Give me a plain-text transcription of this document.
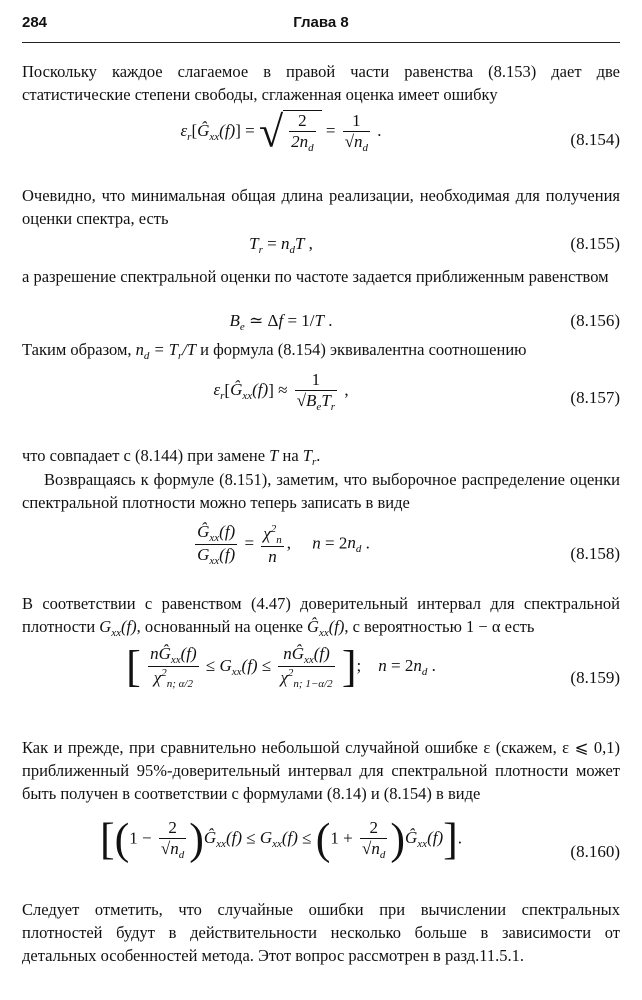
284	Глава 8
Поскольку каждое слагаемое в правой части равенства (8.153) дает две статистические степени свободы, сглаженная оценка имеет ошибку
$\varepsilon_r[Ĝ_{xx}(f)]$ = √ $\frac{2}{2n_d} = \frac{1}{√n_d}$ .	(8.154)
Очевидно, что минимальная общая длина реализации, необходимая для получения оценки спектра, есть
$T_r = n_dT$ ,	(8.155)
а разрешение спектральной оценки по частоте задается приближенным равенством
$B_e$ ≃ Δf = 1/T .	(8.156)
Таким образом, $n_d = T_r/T$ и формула (8.154) эквивалентна соотношению
$\varepsilon_r[Ĝ_{xx}(f)] \approx \frac{1}{√B_eT_r}$ ,	(8.157)
что совпадает с (8.144) при замене T на $T_r$.
Возвращаясь к формуле (8.151), заметим, что выборочное распределение оценки спектральной плотности можно теперь записать в виде
$\frac{Ĝ_{xx}(f)}{G_{xx}(f)} = \frac{\chi^2_n}{n}$ ,     $n = 2n_d$ .
(8.158)
В соответствии с равенством (4.47) доверительный интервал для спектральной плотности $G_{xx}(f)$, основанный на оценке $Ĝ_{xx}(f)$, с вероятностью 1 − α есть
[ $\frac{nĜ_{xx}(f)}{\chi^2_{n; \alpha/2}} \le G_{xx}(f) \le \frac{nĜ_{xx}(f)}{\chi^2_{n; 1-\alpha/2}}$ ];    $n = 2n_d$ .
(8.159)
Как и прежде, при сравнительно небольшой случайной ошибке ε (скажем, ε ⩽ 0,1) приближенный 95%-доверительный интервал для спектральной плотности может быть получен в соответствии с формулами (8.14) и (8.154) в виде
[($1 - \frac{2}{√n_d}$ )$Ĝ_{xx}(f) \le G_{xx}(f) \le (1 + \frac{2}{√n_d}$ )$Ĝ_{xx}(f)$].
(8.160)
Следует отметить, что случайные ошибки при вычислении спектральных плотностей будут в действительности несколько больше в зависимости от детальных особенностей метода. Этот вопрос рассмотрен в разд.11.5.1.
